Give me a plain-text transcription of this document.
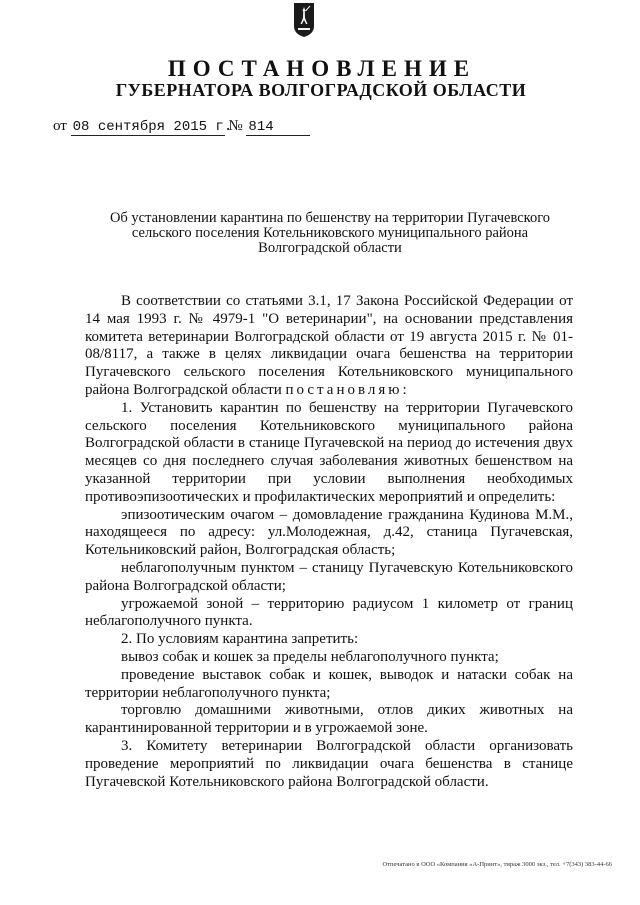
ПОСТАНОВЛЕНИЕ
ГУБЕРНАТОРА ВОЛГОГРАДСКОЙ ОБЛАСТИ
от 08 сентября 2015 г. № 814
Об установлении карантина по бешенству на территории Пугачевского сельского поселения Котельниковского муниципального района Волгоградской области

В соответствии со статьями 3.1, 17 Закона Российской Федерации от 14 мая 1993 г. № 4979-1 "О ветеринарии", на основании представления комитета ветеринарии Волгоградской области от 19 августа 2015 г. № 01-08/8117, а также в целях ликвидации очага бешенства на территории Пугачевского сельского поселения Котельниковского муниципального района Волгоградской области постановляю:

1. Установить карантин по бешенству на территории Пугачевского сельского поселения Котельниковского муниципального района Волгоградской области в станице Пугачевской на период до истечения двух месяцев со дня последнего случая заболевания животных бешенством на указанной территории при условии выполнения необходимых противоэпизоотических и профилактических мероприятий и определить:

эпизоотическим очагом – домовладение гражданина Кудинова М.М., находящееся по адресу: ул.Молодежная, д.42, станица Пугачевская, Котельниковский район, Волгоградская область;

неблагополучным пунктом – станицу Пугачевскую Котельниковского района Волгоградской области;

угрожаемой зоной – территорию радиусом 1 километр от границ неблагополучного пункта.

2. По условиям карантина запретить:

вывоз собак и кошек за пределы неблагополучного пункта;

проведение выставок собак и кошек, выводок и натаски собак на территории неблагополучного пункта;

торговлю домашними животными, отлов диких животных на карантинированной территории и в угрожаемой зоне.

3. Комитету ветеринарии Волгоградской области организовать проведение мероприятий по ликвидации очага бешенства в станице Пугачевской Котельниковского района Волгоградской области.

Отпечатано в ООО «Компания «А-Принт», тираж 3000 экз., тел. +7(343) 383-44-66
